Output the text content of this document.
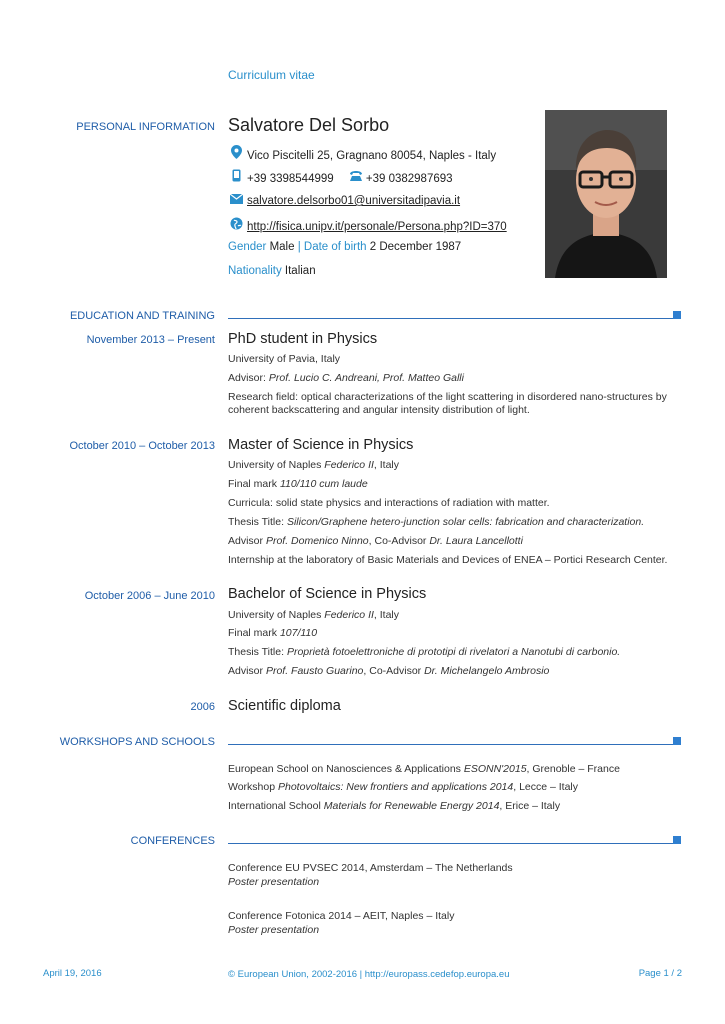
Curriculum vitae
PERSONAL INFORMATION Salvatore Del Sorbo
Vico Piscitelli 25, Gragnano 80054, Naples - Italy
+39 3398544999	+39 0382987693
salvatore.delsorbo01@universitadipavia.it
http://fisica.unipv.it/personale/Persona.php?ID=370
Gender Male | Date of birth 2 December 1987
Nationality Italian
EDUCATION AND TRAINING
November 2013 – Present PhD student in Physics
University of Pavia, Italy
Advisor: Prof. Lucio C. Andreani, Prof. Matteo Galli
Research field: optical characterizations of the light scattering in disordered nano-structures by coherent backscattering and angular intensity distribution of light.
October 2010 – October 2013 Master of Science in Physics
University of Naples Federico II, Italy
Final mark 110/110 cum laude
Curricula: solid state physics and interactions of radiation with matter.
Thesis Title: Silicon/Graphene hetero-junction solar cells: fabrication and characterization.
Advisor Prof. Domenico Ninno, Co-Advisor Dr. Laura Lancellotti
Internship at the laboratory of Basic Materials and Devices of ENEA – Portici Research Center.
October 2006 – June 2010 Bachelor of Science in Physics
University of Naples Federico II, Italy
Final mark 107/110
Thesis Title: Proprietà fotoelettroniche di prototipi di rivelatori a Nanotubi di carbonio.
Advisor Prof. Fausto Guarino, Co-Advisor Dr. Michelangelo Ambrosio
2006 Scientific diploma
WORKSHOPS AND SCHOOLS
European School on Nanosciences & Applications ESONN'2015, Grenoble – France
Workshop Photovoltaics: New frontiers and applications 2014, Lecce – Italy
International School Materials for Renewable Energy 2014, Erice – Italy
CONFERENCES
Conference EU PVSEC 2014, Amsterdam – The Netherlands
Poster presentation
Conference Fotonica 2014 – AEIT, Naples – Italy
Poster presentation
April 19, 2016	© European Union, 2002-2016 | http://europass.cedefop.europa.eu	Page 1 / 2
